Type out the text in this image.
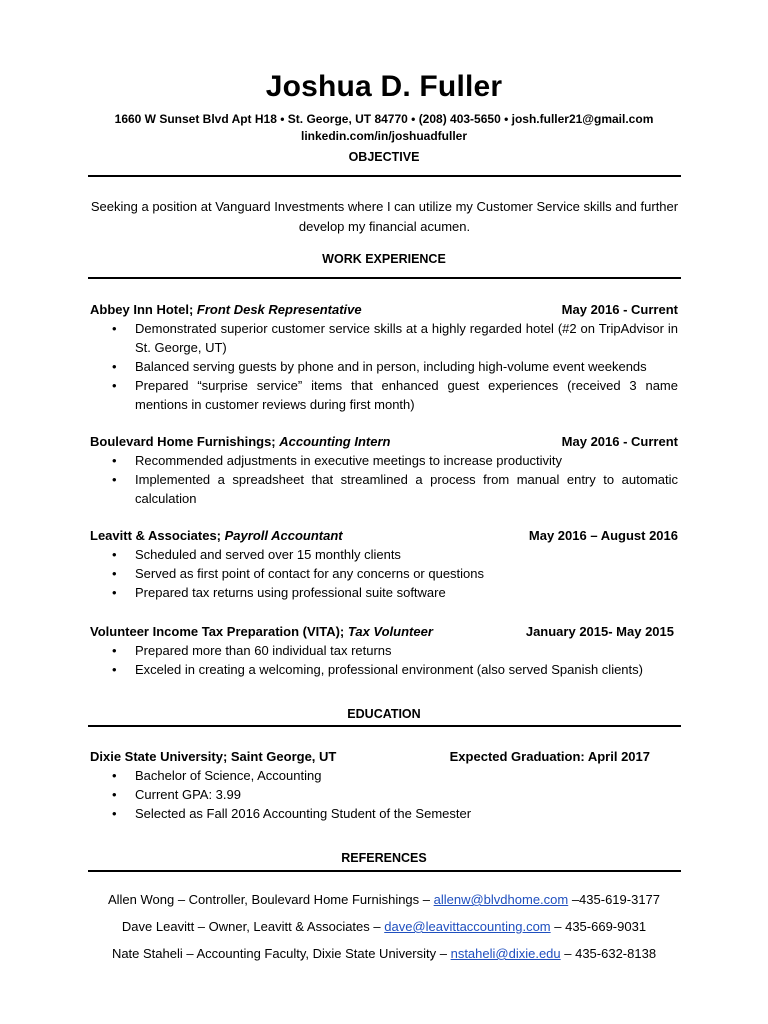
Joshua D. Fuller
1660 W Sunset Blvd Apt H18 • St. George, UT 84770 • (208) 403-5650 • josh.fuller21@gmail.com
linkedin.com/in/joshuadfuller
OBJECTIVE
Seeking a position at Vanguard Investments where I can utilize my Customer Service skills and further develop my financial acumen.
WORK EXPERIENCE
Abbey Inn Hotel; Front Desk Representative	May 2016 - Current
• Demonstrated superior customer service skills at a highly regarded hotel (#2 on TripAdvisor in St. George, UT)
• Balanced serving guests by phone and in person, including high-volume event weekends
• Prepared “surprise service” items that enhanced guest experiences (received 3 name mentions in customer reviews during first month)
Boulevard Home Furnishings; Accounting Intern	May 2016 - Current
• Recommended adjustments in executive meetings to increase productivity
• Implemented a spreadsheet that streamlined a process from manual entry to automatic calculation
Leavitt & Associates; Payroll Accountant	May 2016 – August 2016
• Scheduled and served over 15 monthly clients
• Served as first point of contact for any concerns or questions
• Prepared tax returns using professional suite software
Volunteer Income Tax Preparation (VITA); Tax Volunteer	January 2015- May 2015
• Prepared more than 60 individual tax returns
• Exceled in creating a welcoming, professional environment (also served Spanish clients)
EDUCATION
Dixie State University; Saint George, UT	Expected Graduation: April 2017
• Bachelor of Science, Accounting
• Current GPA: 3.99
• Selected as Fall 2016 Accounting Student of the Semester
REFERENCES
Allen Wong – Controller, Boulevard Home Furnishings – allenw@blvdhome.com –435-619-3177
Dave Leavitt – Owner, Leavitt & Associates – dave@leavittaccounting.com – 435-669-9031
Nate Staheli – Accounting Faculty, Dixie State University – nstaheli@dixie.edu – 435-632-8138
